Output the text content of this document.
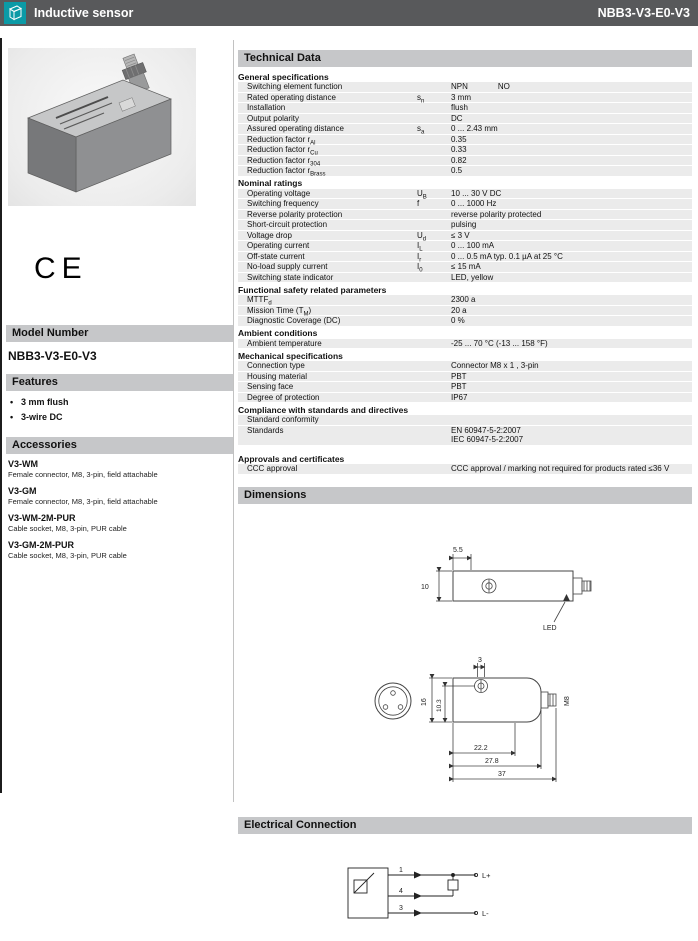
Inductive sensor	NBB3-V3-E0-V3
CE
Model Number
NBB3-V3-E0-V3
Features
• 3 mm flush
• 3-wire DC
Accessories
V3-WM
Female connector, M8, 3-pin, field attachable
V3-GM
Female connector, M8, 3-pin, field attachable
V3-WM-2M-PUR
Cable socket, M8, 3-pin, PUR cable
V3-GM-2M-PUR
Cable socket, M8, 3-pin, PUR cable
Technical Data
General specifications
Switching element function	NPN	NO
Rated operating distance	$s_n$	3 mm
Installation	flush
Output polarity	DC
Assured operating distance	$s_a$	0 ... 2.43 mm
Reduction factor $r_{Al}$	0.35
Reduction factor $r_{Cu}$	0.33
Reduction factor $r_{304}$	0.82
Reduction factor $r_{Brass}$	0.5
Nominal ratings
Operating voltage	$U_B$	10 ... 30 V DC
Switching frequency	f	0 ... 1000 Hz
Reverse polarity protection	reverse polarity protected
Short-circuit protection	pulsing
Voltage drop	$U_d$	≤ 3 V
Operating current	$I_L$	0 ... 100 mA
Off-state current	$I_r$	0 ... 0.5 mA typ. 0.1 µA at 25 °C
No-load supply current	$I_0$	≤ 15 mA
Switching state indicator	LED, yellow
Functional safety related parameters
$MTTF_d$	2300 a
Mission Time $(T_M)$	20 a
Diagnostic Coverage (DC)	0 %
Ambient conditions
Ambient temperature	-25 ... 70 °C (-13 ... 158 °F)
Mechanical specifications
Connection type	Connector M8 x 1 , 3-pin
Housing material	PBT
Sensing face	PBT
Degree of protection	IP67
Compliance with standards and directives
Standard conformity
Standards	EN 60947-5-2:2007
IEC 60947-5-2:2007
Approvals and certificates
CCC approval	CCC approval / marking not required for products rated ≤36 V
Dimensions
5.5
10
LED
3
M8
16 10.3
22.2
27.8
37
Electrical Connection
1
4
3
L+
L-
